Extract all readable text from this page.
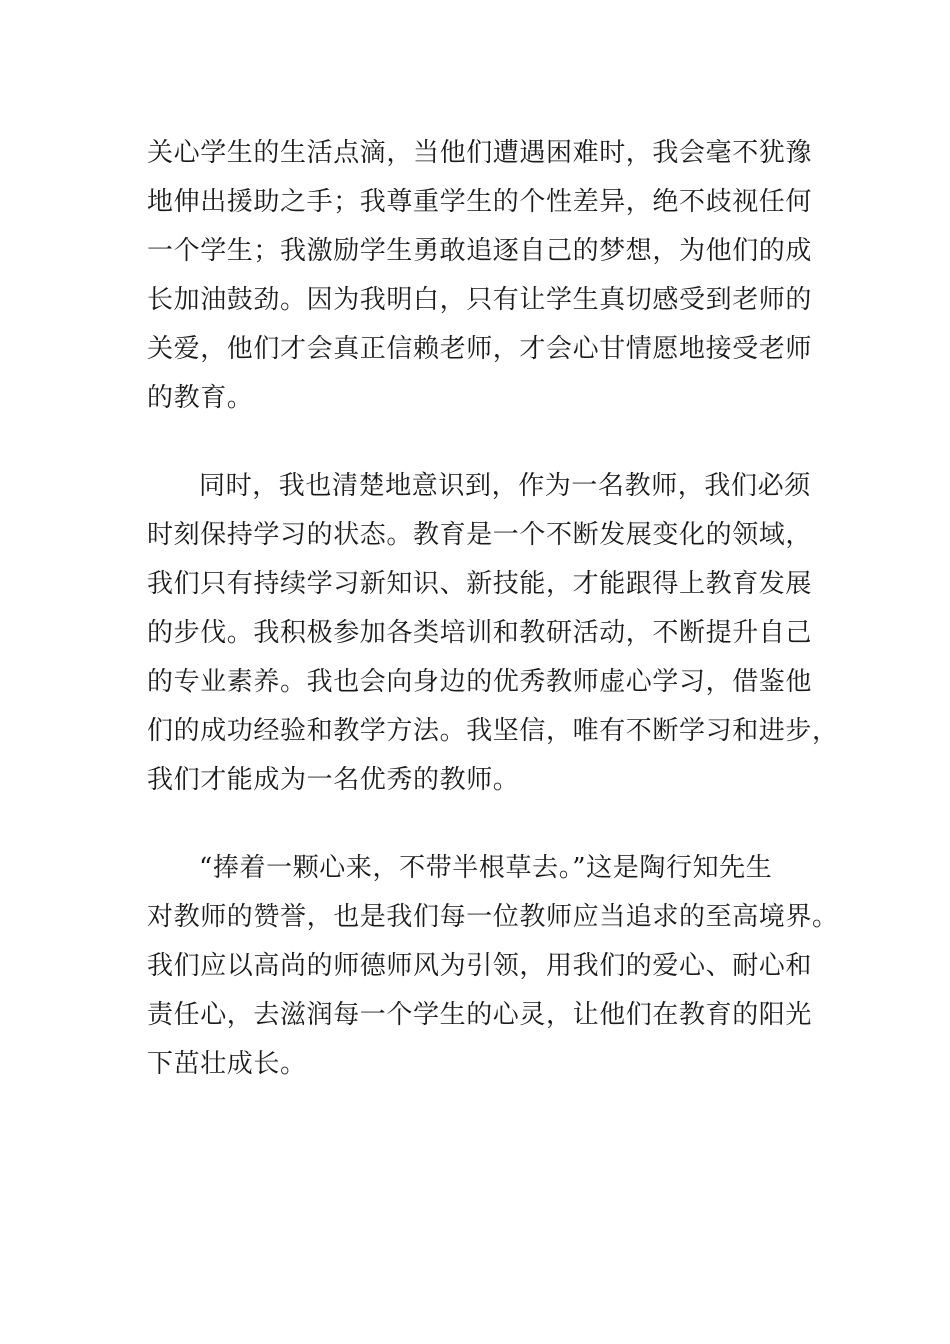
关心学生的生活点滴，当他们遭遇困难时，我会毫不犹豫

地伸出援助之手；我尊重学生的个性差异，绝不歧视任何

一个学生；我激励学生勇敢追逐自己的梦想，为他们的成

长加油鼓劲。因为我明白，只有让学生真切感受到老师的

关爱，他们才会真正信赖老师，才会心甘情愿地接受老师

的教育。

同时，我也清楚地意识到，作为一名教师，我们必须

时刻保持学习的状态。教育是一个不断发展变化的领域，

我们只有持续学习新知识、新技能，才能跟得上教育发展

的步伐。我积极参加各类培训和教研活动，不断提升自己

的专业素养。我也会向身边的优秀教师虚心学习，借鉴他

们的成功经验和教学方法。我坚信，唯有不断学习和进步，

我们才能成为一名优秀的教师。

“捧着一颗心来，不带半根草去。”这是陶行知先生

对教师的赞誉，也是我们每一位教师应当追求的至高境界。

我们应以高尚的师德师风为引领，用我们的爱心、耐心和

责任心，去滋润每一个学生的心灵，让他们在教育的阳光

下茁壮成长。
